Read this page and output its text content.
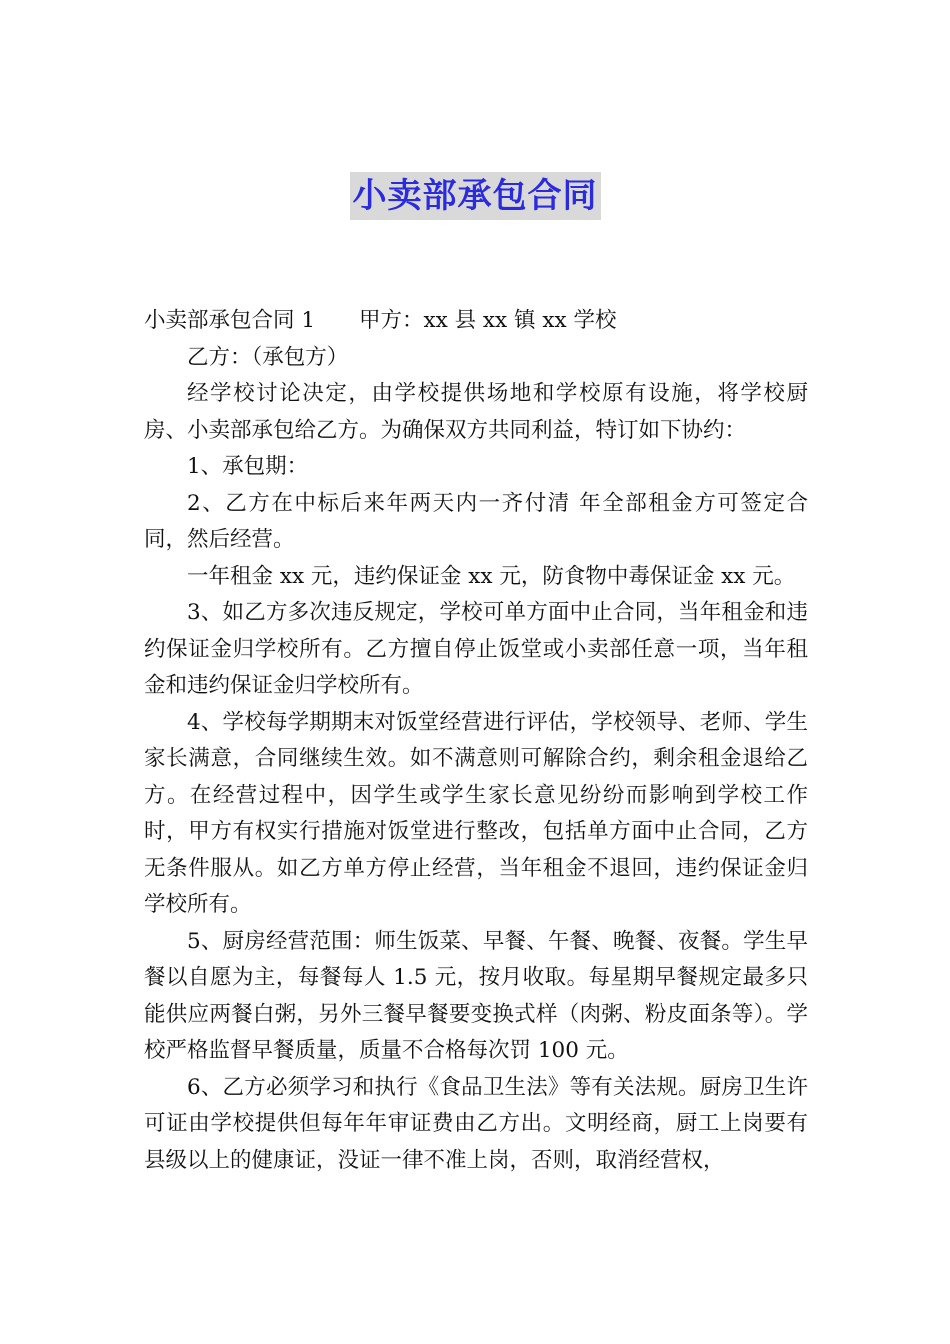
小卖部承包合同

小卖部承包合同 1 甲方：xx 县 xx 镇 xx 学校

乙方：（承包方）

经学校讨论决定，由学校提供场地和学校原有设施，将学校厨房、小卖部承包给乙方。为确保双方共同利益，特订如下协约：

1、承包期：

2、乙方在中标后来年两天内一齐付清 年全部租金方可签定合同，然后经营。

一年租金 xx 元，违约保证金 xx 元，防食物中毒保证金 xx 元。

3、如乙方多次违反规定，学校可单方面中止合同，当年租金和违约保证金归学校所有。乙方擅自停止饭堂或小卖部任意一项，当年租金和违约保证金归学校所有。

4、学校每学期期末对饭堂经营进行评估，学校领导、老师、学生家长满意，合同继续生效。如不满意则可解除合约，剩余租金退给乙方。在经营过程中，因学生或学生家长意见纷纷而影响到学校工作时，甲方有权实行措施对饭堂进行整改，包括单方面中止合同，乙方无条件服从。如乙方单方停止经营，当年租金不退回，违约保证金归学校所有。

5、厨房经营范围：师生饭菜、早餐、午餐、晚餐、夜餐。学生早餐以自愿为主，每餐每人 1.5 元，按月收取。每星期早餐规定最多只能供应两餐白粥，另外三餐早餐要变换式样（肉粥、粉皮面条等）。学校严格监督早餐质量，质量不合格每次罚 100 元。

6、乙方必须学习和执行《食品卫生法》等有关法规。厨房卫生许可证由学校提供但每年年审证费由乙方出。文明经商，厨工上岗要有县级以上的健康证，没证一律不准上岗，否则，取消经营权，
